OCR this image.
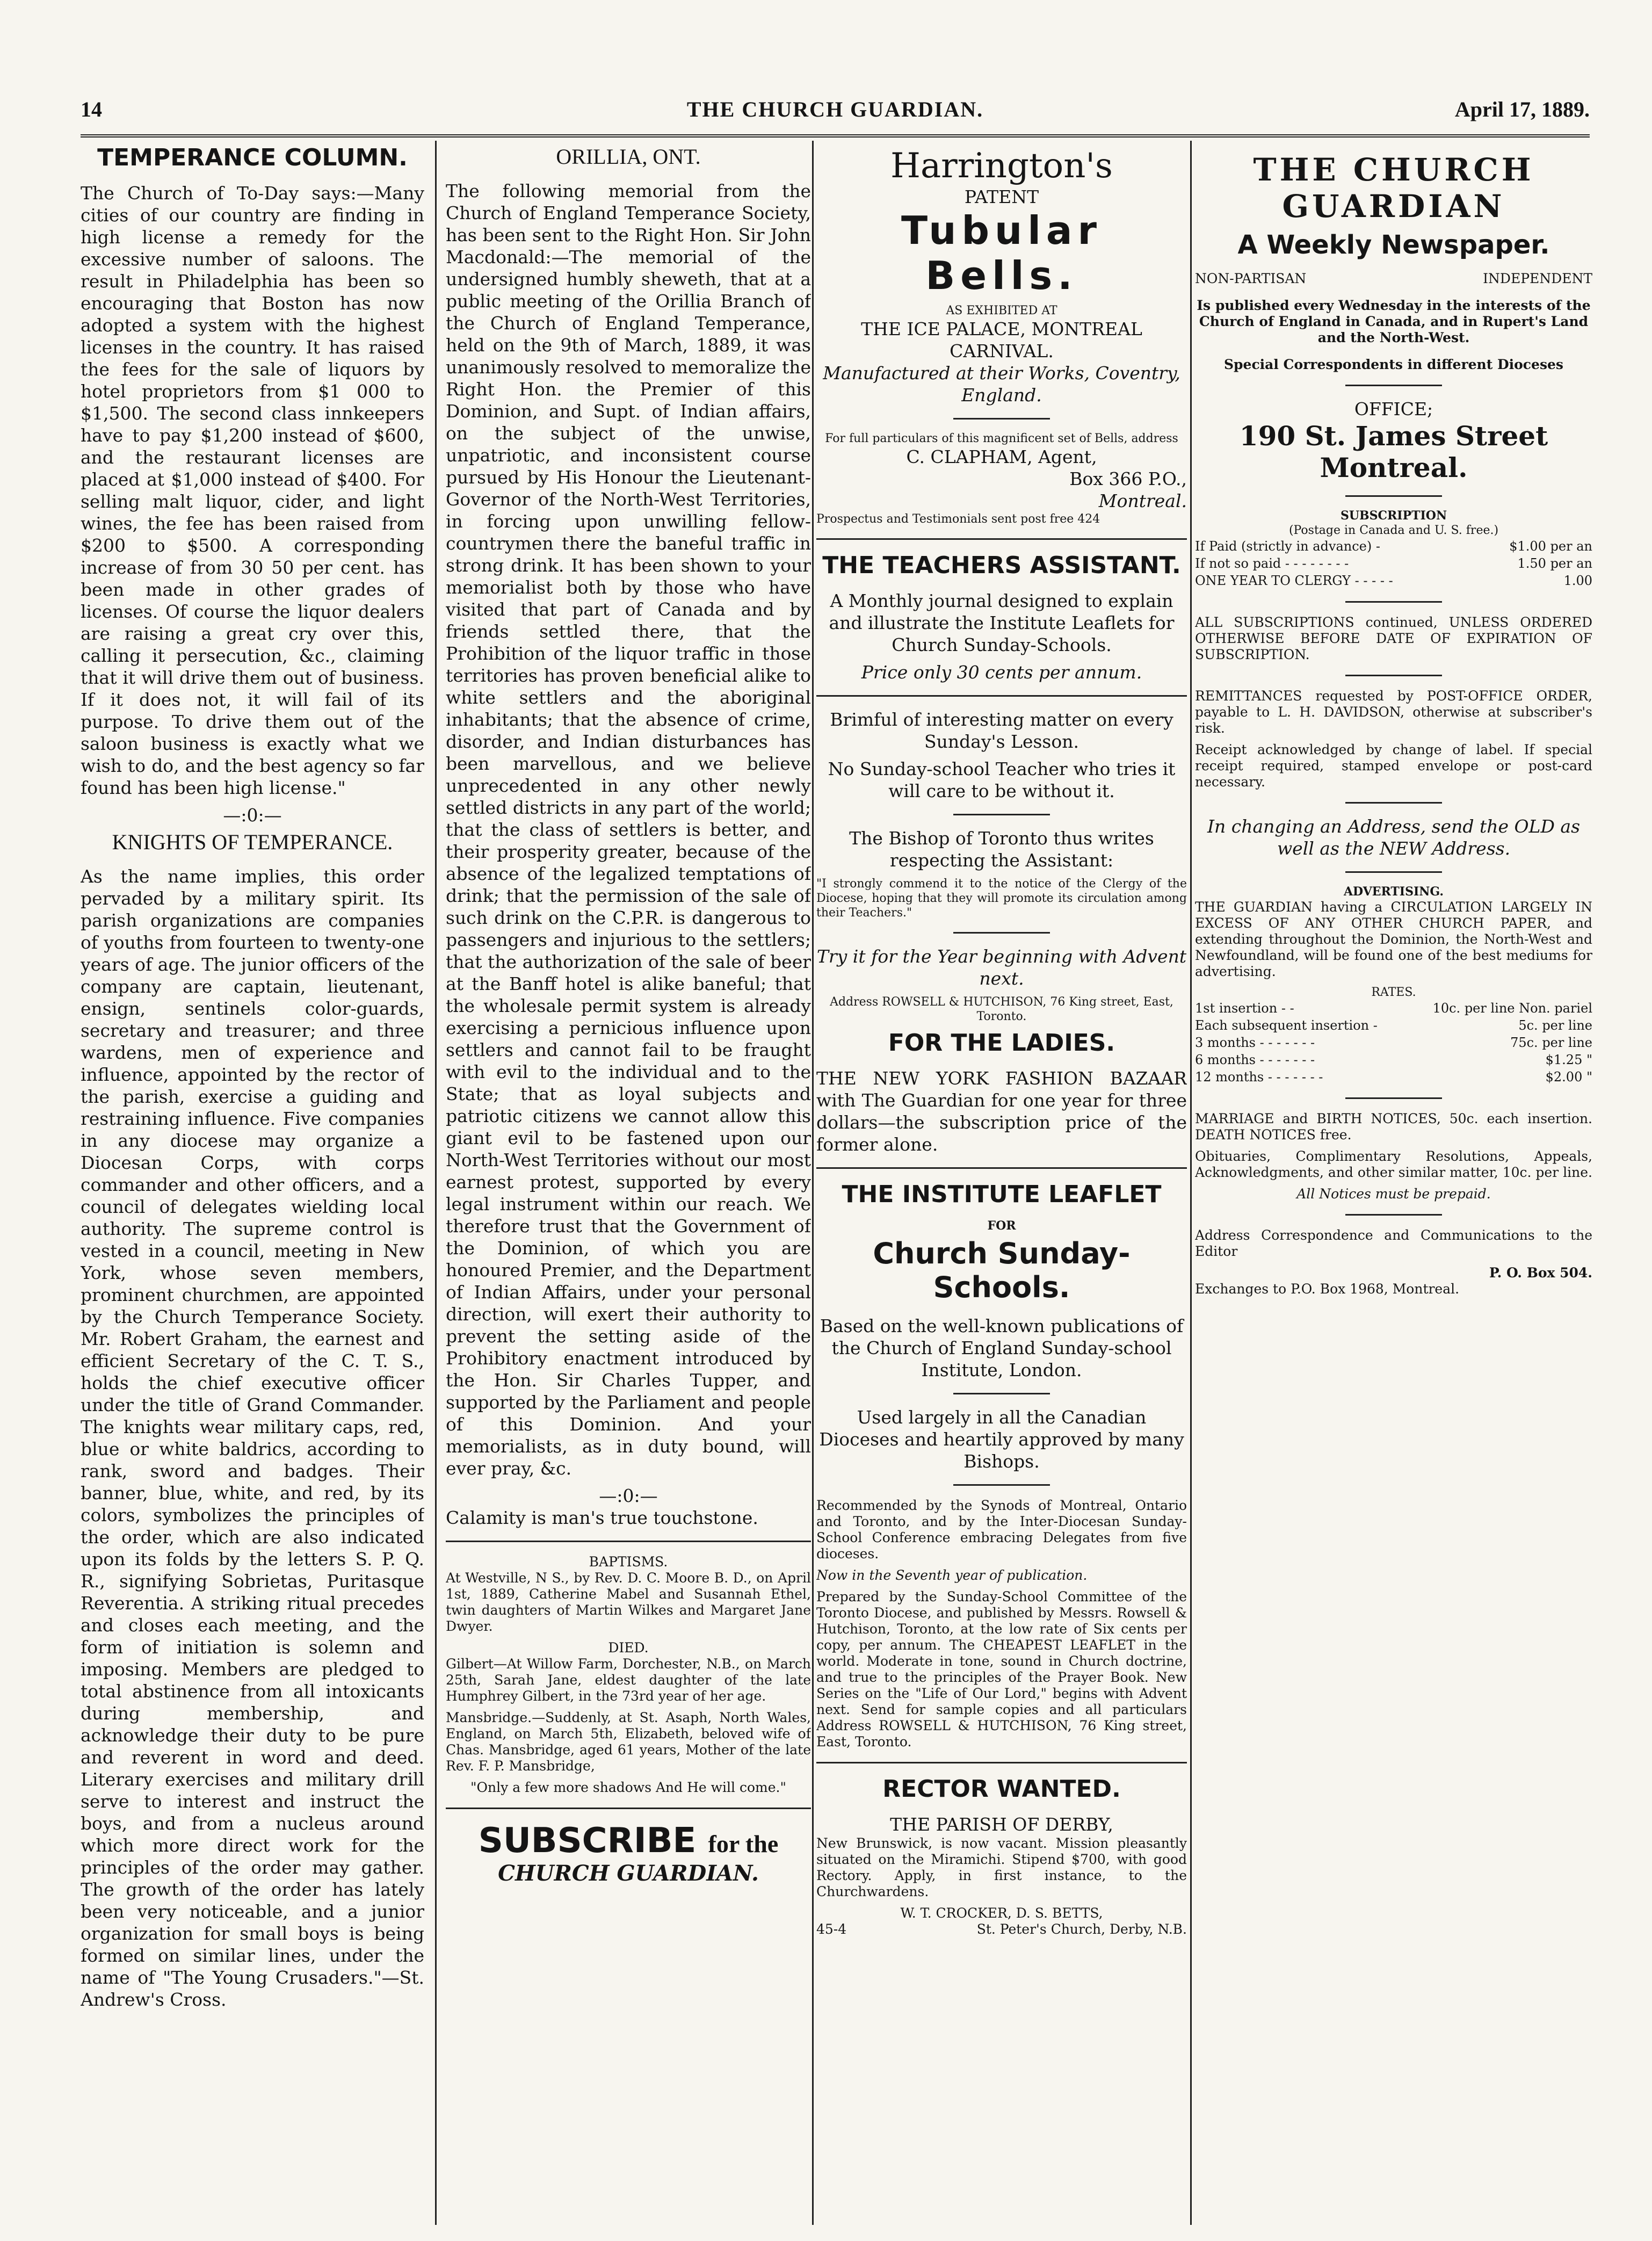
14	THE CHURCH GUARDIAN.	April 17, 1889.
TEMPERANCE COLUMN.

The Church of To-Day says:—Many cities of our country are finding in high license a remedy for the excessive number of saloons. The result in Philadelphia has been so encouraging that Boston has now adopted a system with the highest licenses in the country. It has raised the fees for the sale of liquors by hotel proprietors from $1 000 to $1,500. The second class innkeepers have to pay $1,200 instead of $600, and the restaurant licenses are placed at $1,000 instead of $400. For selling malt liquor, cider, and light wines, the fee has been raised from $200 to $500. A corresponding increase of from 30 50 per cent. has been made in other grades of licenses. Of course the liquor dealers are raising a great cry over this, calling it persecution, &c., claiming that it will drive them out of business. If it does not, it will fail of its purpose. To drive them out of the saloon business is exactly what we wish to do, and the best agency so far found has been high license."

—:0:—
KNIGHTS OF TEMPERANCE.

As the name implies, this order pervaded by a military spirit. Its parish organizations are companies of youths from fourteen to twenty-one years of age. The junior officers of the company are captain, lieutenant, ensign, sentinels color-guards, secretary and treasurer; and three wardens, men of experience and influence, appointed by the rector of the parish, exercise a guiding and restraining influence. Five companies in any diocese may organize a Diocesan Corps, with corps commander and other officers, and a council of delegates wielding local authority. The supreme control is vested in a council, meeting in New York, whose seven members, prominent churchmen, are appointed by the Church Temperance Society. Mr. Robert Graham, the earnest and efficient Secretary of the C. T. S., holds the chief executive officer under the title of Grand Commander. The knights wear military caps, red, blue or white baldrics, according to rank, sword and badges. Their banner, blue, white, and red, by its colors, symbolizes the principles of the order, which are also indicated upon its folds by the letters S. P. Q. R., signifying Sobrietas, Puritasque Reverentia. A striking ritual precedes and closes each meeting, and the form of initiation is solemn and imposing. Members are pledged to total abstinence from all intoxicants during membership, and acknowledge their duty to be pure and reverent in word and deed. Literary exercises and military drill serve to interest and instruct the boys, and from a nucleus around which more direct work for the principles of the order may gather. The growth of the order has lately been very noticeable, and a junior organization for small boys is being formed on similar lines, under the name of "The Young Crusaders."—St. Andrew's Cross.

ORILLIA, ONT.

The following memorial from the Church of England Temperance Society, has been sent to the Right Hon. Sir John Macdonald:—The memorial of the undersigned humbly sheweth, that at a public meeting of the Orillia Branch of the Church of England Temperance, held on the 9th of March, 1889, it was unanimously resolved to memoralize the Right Hon. the Premier of this Dominion, and Supt. of Indian affairs, on the subject of the unwise, unpatriotic, and inconsistent course pursued by His Honour the Lieutenant-Governor of the North-West Territories, in forcing upon unwilling fellow-countrymen there the baneful traffic in strong drink. It has been shown to your memorialist both by those who have visited that part of Canada and by friends settled there, that the Prohibition of the liquor traffic in those territories has proven beneficial alike to white settlers and the aboriginal inhabitants; that the absence of crime, disorder, and Indian disturbances has been marvellous, and we believe unprecedented in any other newly settled districts in any part of the world; that the class of settlers is better, and their prosperity greater, because of the absence of the legalized temptations of drink; that the permission of the sale of such drink on the C.P.R. is dangerous to passengers and injurious to the settlers; that the authorization of the sale of beer at the Banff hotel is alike baneful; that the wholesale permit system is already exercising a pernicious influence upon settlers and cannot fail to be fraught with evil to the individual and to the State; that as loyal subjects and patriotic citizens we cannot allow this giant evil to be fastened upon our North-West Territories without our most earnest protest, supported by every legal instrument within our reach. We therefore trust that the Government of the Dominion, of which you are honoured Premier, and the Department of Indian Affairs, under your personal direction, will exert their authority to prevent the setting aside of the Prohibitory enactment introduced by the Hon. Sir Charles Tupper, and supported by the Parliament and people of this Dominion. And your memorialists, as in duty bound, will ever pray, &c.

—:0:—

Calamity is man's true touchstone.

BAPTISMS.

At Westville, N S., by Rev. D. C. Moore B. D., on April 1st, 1889, Catherine Mabel and Susannah Ethel, twin daughters of Martin Wilkes and Margaret Jane Dwyer.

DIED.

Gilbert—At Willow Farm, Dorchester, N.B., on March 25th, Sarah Jane, eldest daughter of the late Humphrey Gilbert, in the 73rd year of her age.

Mansbridge.—Suddenly, at St. Asaph, North Wales, England, on March 5th, Elizabeth, beloved wife of Chas. Mansbridge, aged 61 years, Mother of the late Rev. F. P. Mansbridge,

"Only a few more shadows And He will come."

SUBSCRIBE for the
CHURCH GUARDIAN.
Harrington's
PATENT
Tubular Bells.
AS EXHIBITED AT
THE ICE PALACE, MONTREAL CARNIVAL.
Manufactured at their Works, Coventry, England.
For full particulars of this magnificent set of Bells, address
C. CLAPHAM, Agent,
Box 366 P.O.,
Montreal.
Prospectus and Testimonials sent post free 424
THE TEACHERS ASSISTANT.

A Monthly journal designed to explain and illustrate the Institute Leaflets for Church Sunday-Schools.

Price only 30 cents per annum.

Brimful of interesting matter on every Sunday's Lesson.

No Sunday-school Teacher who tries it will care to be without it.

The Bishop of Toronto thus writes respecting the Assistant:

"I strongly commend it to the notice of the Clergy of the Diocese, hoping that they will promote its circulation among their Teachers."

Try it for the Year beginning with Advent next.

Address ROWSELL & HUTCHISON, 76 King street, East, Toronto.

FOR THE LADIES.

THE NEW YORK FASHION BAZAAR with The Guardian for one year for three dollars—the subscription price of the former alone.

THE INSTITUTE LEAFLET
FOR
Church Sunday-Schools.

Based on the well-known publications of the Church of England Sunday-school Institute, London.

Used largely in all the Canadian Dioceses and heartily approved by many Bishops.

Recommended by the Synods of Montreal, Ontario and Toronto, and by the Inter-Diocesan Sunday-School Conference embracing Delegates from five dioceses.

Now in the Seventh year of publication.

Prepared by the Sunday-School Committee of the Toronto Diocese, and published by Messrs. Rowsell & Hutchison, Toronto, at the low rate of Six cents per copy, per annum. The CHEAPEST LEAFLET in the world. Moderate in tone, sound in Church doctrine, and true to the principles of the Prayer Book. New Series on the "Life of Our Lord," begins with Advent next. Send for sample copies and all particulars Address ROWSELL & HUTCHISON, 76 King street, East, Toronto.

RECTOR WANTED.
THE PARISH OF DERBY,

New Brunswick, is now vacant. Mission pleasantly situated on the Miramichi. Stipend $700, with good Rectory. Apply, in first instance, to the Churchwardens.

W. T. CROCKER, D. S. BETTS,
45-4	St. Peter's Church, Derby, N.B.
THE CHURCH GUARDIAN
A Weekly Newspaper.
NON-PARTISAN	INDEPENDENT

Is published every Wednesday in the interests of the Church of England in Canada, and in Rupert's Land and the North-West.

Special Correspondents in different Dioceses

OFFICE;
190 St. James Street Montreal.
SUBSCRIPTION
(Postage in Canada and U. S. free.)
If Paid (strictly in advance) -	$1.00 per an
If not so paid - - - - - - - -	1.50 per an
ONE YEAR TO CLERGY - - - - -	1.00

ALL SUBSCRIPTIONS continued, UNLESS ORDERED OTHERWISE BEFORE DATE OF EXPIRATION OF SUBSCRIPTION.

REMITTANCES requested by POST-OFFICE ORDER, payable to L. H. DAVIDSON, otherwise at subscriber's risk.

Receipt acknowledged by change of label. If special receipt required, stamped envelope or post-card necessary.

In changing an Address, send the OLD as well as the NEW Address.

ADVERTISING.

THE GUARDIAN having a CIRCULATION LARGELY IN EXCESS OF ANY OTHER CHURCH PAPER, and extending throughout the Dominion, the North-West and Newfoundland, will be found one of the best mediums for advertising.

RATES.
1st insertion - -	10c. per line Non. pariel
Each subsequent insertion -	5c. per line
3 months - - - - - - -	75c. per line
6 months - - - - - - -	$1.25 "
12 months - - - - - - -	$2.00 "

MARRIAGE and BIRTH NOTICES, 50c. each insertion. DEATH NOTICES free.

Obituaries, Complimentary Resolutions, Appeals, Acknowledgments, and other similar matter, 10c. per line.

All Notices must be prepaid.

Address Correspondence and Communications to the Editor

P. O. Box 504.

Exchanges to P.O. Box 1968, Montreal.
